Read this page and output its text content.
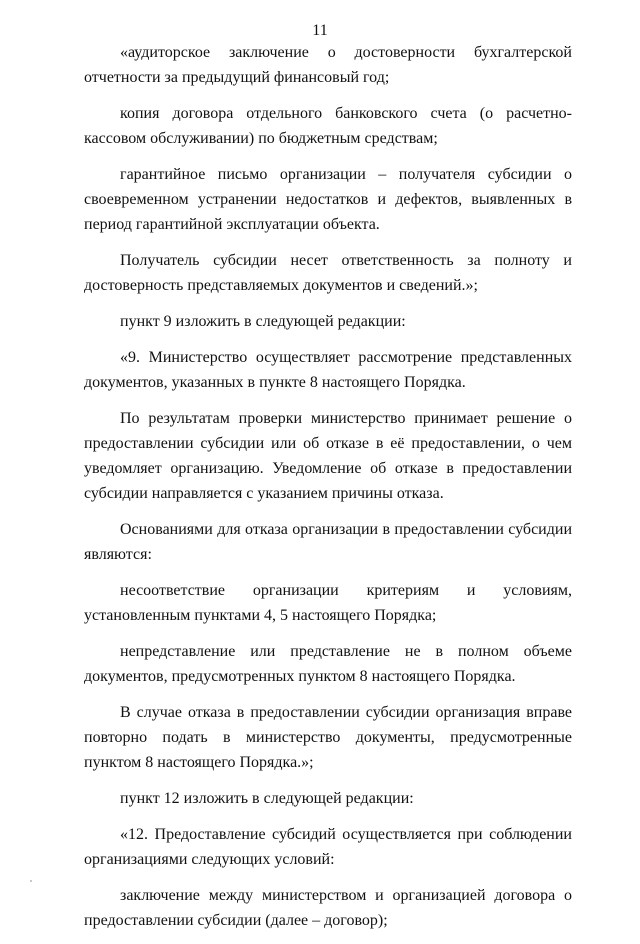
11

«аудиторское заключение о достоверности бухгалтерской отчетности за предыдущий финансовый год;

копия договора отдельного банковского счета (о расчетно-кассовом обслуживании) по бюджетным средствам;

гарантийное письмо организации – получателя субсидии о своевременном устранении недостатков и дефектов, выявленных в период гарантийной эксплуатации объекта.

Получатель субсидии несет ответственность за полноту и достоверность представляемых документов и сведений.»;

пункт 9 изложить в следующей редакции:

«9. Министерство осуществляет рассмотрение представленных документов, указанных в пункте 8 настоящего Порядка.

По результатам проверки министерство принимает решение о предоставлении субсидии или об отказе в её предоставлении, о чем уведомляет организацию. Уведомление об отказе в предоставлении субсидии направляется с указанием причины отказа.

Основаниями для отказа организации в предоставлении субсидии являются:

несоответствие организации критериям и условиям, установленным пунктами 4, 5 настоящего Порядка;

непредставление или представление не в полном объеме документов, предусмотренных пунктом 8 настоящего Порядка.

В случае отказа в предоставлении субсидии организация вправе повторно подать в министерство документы, предусмотренные пунктом 8 настоящего Порядка.»;

пункт 12 изложить в следующей редакции:

«12. Предоставление субсидий осуществляется при соблюдении организациями следующих условий:

заключение между министерством и организацией договора о предоставлении субсидии (далее – договор);
